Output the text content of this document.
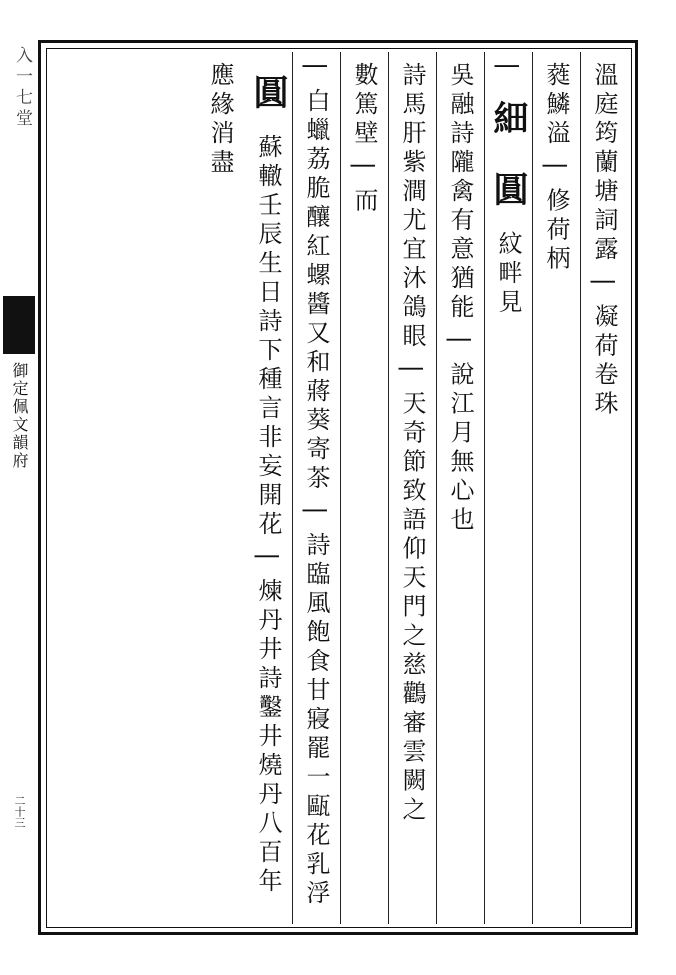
入一七堂
御定佩文韻府
二十三
溫庭筠蘭塘詞露 | 凝荷卷珠
蕤鱗溢 | 修荷柄
| 細 圓 紋畔見
吳融詩隴禽有意猶能 | 說江月無心也
詩馬肝紫澗尤宜沐鴿眼 | 天奇節致語仰天門之慈鸛審雲闕之
數篤壁 | 而
| 白蠟荔脆釀紅螺醬又和蔣葵寄茶 | 詩臨風飽食甘寢罷一甌花乳浮
圓 蘇轍壬辰生日詩下種言非妄開花 | 煉丹井詩鑿井燒丹八百年應緣消盡
